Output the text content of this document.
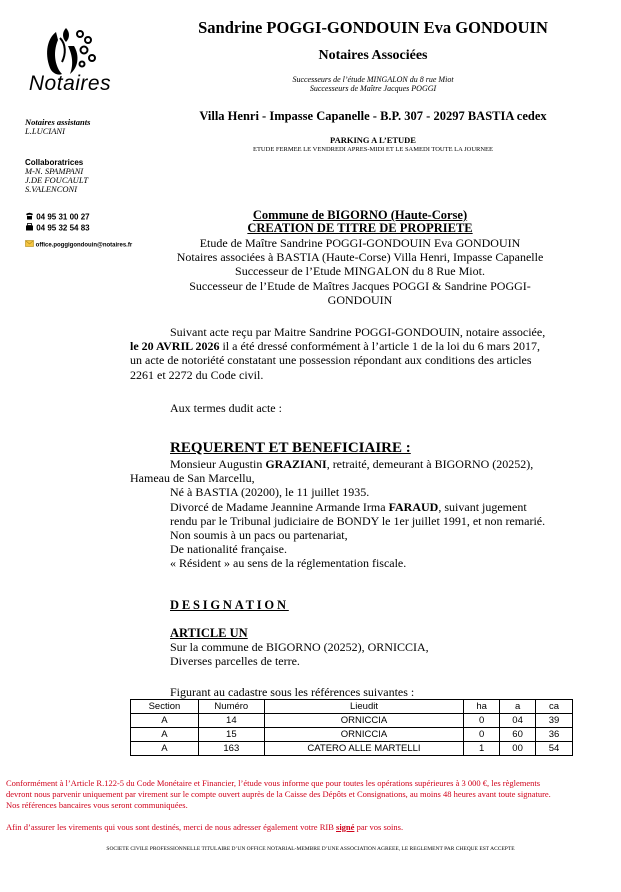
Notaires
Sandrine POGGI-GONDOUIN Eva GONDOUIN
Notaires Associées
Successeurs de l’étude MINGALON du 8 rue Miot
Successeurs de Maître Jacques POGGI
Villa Henri - Impasse Capanelle - B.P. 307 - 20297 BASTIA cedex
PARKING A L’ETUDE
ETUDE FERMEE LE VENDREDI APRES-MIDI ET LE SAMEDI TOUTE LA JOURNEE
Notaires assistants
L.LUCIANI
Collaboratrices
M-N. SPAMPANI
J.DE FOUCAULT
S.VALENCONI
04 95 31 00 27
04 95 32 54 83
office.poggigondouin@notaires.fr
Commune de BIGORNO (Haute-Corse)
CREATION DE TITRE DE PROPRIETE
Etude de Maître Sandrine POGGI-GONDOUIN Eva GONDOUIN
Notaires associées à BASTIA (Haute-Corse) Villa Henri, Impasse Capanelle
Successeur de l’Etude MINGALON du 8 Rue Miot.
Successeur de l’Etude de Maîtres Jacques POGGI & Sandrine POGGI-
GONDOUIN
Suivant acte reçu par Maitre Sandrine POGGI-GONDOUIN, notaire associée,
le 20 AVRIL 2026 il a été dressé conformément à l’article 1 de la loi du 6 mars 2017,
un acte de notoriété constatant une possession répondant aux conditions des articles
2261 et 2272 du Code civil.
Aux termes dudit acte :
REQUERENT ET BENEFICIAIRE :
Monsieur Augustin GRAZIANI, retraité, demeurant à BIGORNO (20252),
Hameau de San Marcellu,
Né à BASTIA (20200), le 11 juillet 1935.
Divorcé de Madame Jeannine Armande Irma FARAUD, suivant jugement
rendu par le Tribunal judiciaire de BONDY le 1er juillet 1991, et non remarié.
Non soumis à un pacs ou partenariat,
De nationalité française.
« Résident » au sens de la réglementation fiscale.
DESIGNATION
ARTICLE UN
Sur la commune de BIGORNO (20252), ORNICCIA,
Diverses parcelles de terre.
Figurant au cadastre sous les références suivantes :
Section	Numéro	Lieudit	ha	a	ca
A	14	ORNICCIA	0	04	39
A	15	ORNICCIA	0	60	36
A	163	CATERO ALLE MARTELLI	1	00	54
Conformément à l’Article R.122-5 du Code Monétaire et Financier, l’étude vous informe que pour toutes les opérations supérieures à 3 000 €, les règlements
devront nous parvenir uniquement par virement sur le compte ouvert auprès de la Caisse des Dépôts et Consignations, au moins 48 heures avant toute signature.
Nos références bancaires vous seront communiquées.
Afin d’assurer les virements qui vous sont destinés, merci de nous adresser également votre RIB signé par vos soins.
SOCIETE CIVILE PROFESSIONNELLE TITULAIRE D’UN OFFICE NOTARIAL-MEMBRE D’UNE ASSOCIATION AGREEE, LE REGLEMENT PAR CHEQUE EST ACCEPTE
